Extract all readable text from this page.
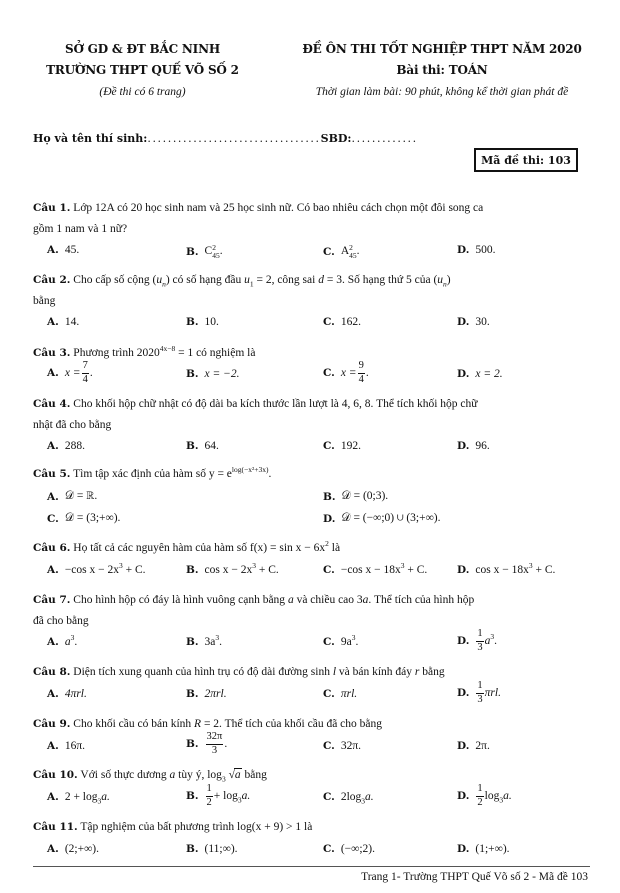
SỞ GD & ĐT BẮC NINH
TRƯỜNG THPT QUẾ VÕ SỐ 2
(Đề thi có 6 trang)
ĐỀ ÔN THI TỐT NGHIỆP THPT NĂM 2020
Bài thi: TOÁN
Thời gian làm bài: 90 phút, không kể thời gian phát đề
Họ và tên thí sinh:..................................SBD:.............
Mã đề thi: 103
Câu 1. Lớp 12A có 20 học sinh nam và 25 học sinh nữ. Có bao nhiêu cách chọn một đôi song ca
gồm 1 nam và 1 nữ?
A. 45.	B. C 2
45 .	C. A 2
45 .	D. 500.
Câu 2. Cho cấp số cộng $(u_n)$ có số hạng đầu $u_1 = 2$, công sai d = 3. Số hạng thứ 5 của $(u_n)$
bằng
A. 14.	B. 10.	C. 162.	D. 30.
Câu 3. Phương trình $2020^{4x-8} = 1$ có nghiệm là
A. $x = \frac{7}{4}$ .	B. x = −2.	C. $x = \frac{9}{4}$ .	D. x = 2.
Câu 4. Cho khối hộp chữ nhật có độ dài ba kích thước lần lượt là 4, 6, 8. Thể tích khối hộp chữ
nhật đã cho bằng
A. 288.	B. 64.	C. 192.	D. 96.
Câu 5. Tìm tập xác định của hàm số $y = e^{log(-x^2+3x)}$.
A. 𝒟 = ℝ.	B. 𝒟 = (0;3).
C. 𝒟 = (3;+∞).	D. 𝒟 = (−∞;0) ∪ (3;+∞).
Câu 6. Họ tất cả các nguyên hàm của hàm số $f(x) = \sin x - 6x^2$ là
A. −cos $x - 2x^3 + C$.	B. $\cos x - 2x^3 + C$.	C. −cos $x - 18x^3 + C$.	D. $\cos x - 18x^3 + C$.
Câu 7. Cho hình hộp có đáy là hình vuông cạnh bằng a và chiều cao 3a. Thể tích của hình hộp
đã cho bằng
A. $a^3$.	B. $3a^3$.	C. $9a^3$.	D. $\frac{1}{3} a^3$.
Câu 8. Diện tích xung quanh của hình trụ có độ dài đường sinh l và bán kính đáy r bằng
A. 4πrl.	B. 2πrl.	C. πrl.	D. $\frac{1}{3} \pi rl$.
Câu 9. Cho khối cầu có bán kính R = 2. Thể tích của khối cầu đã cho bằng
A. 16π.	B. $\frac{32\pi}{3}$ .	C. 32π.	D. 2π.
Câu 10. Với số thực dương a tùy ý, $\log_3 √a$ bằng
A. $2 + \log_3a$.	B. $\frac{1}{2} + \log_3a$.	C. $2\log_3a$.	D. $\frac{1}{2} \log_3a$.
Câu 11. Tập nghiệm của bất phương trình log(x + 9) > 1 là
A. (2;+∞).	B. (11;∞).	C. (−∞;2).	D. (1;+∞).
Trang 1- Trường THPT Quế Võ số 2 - Mã đề 103
